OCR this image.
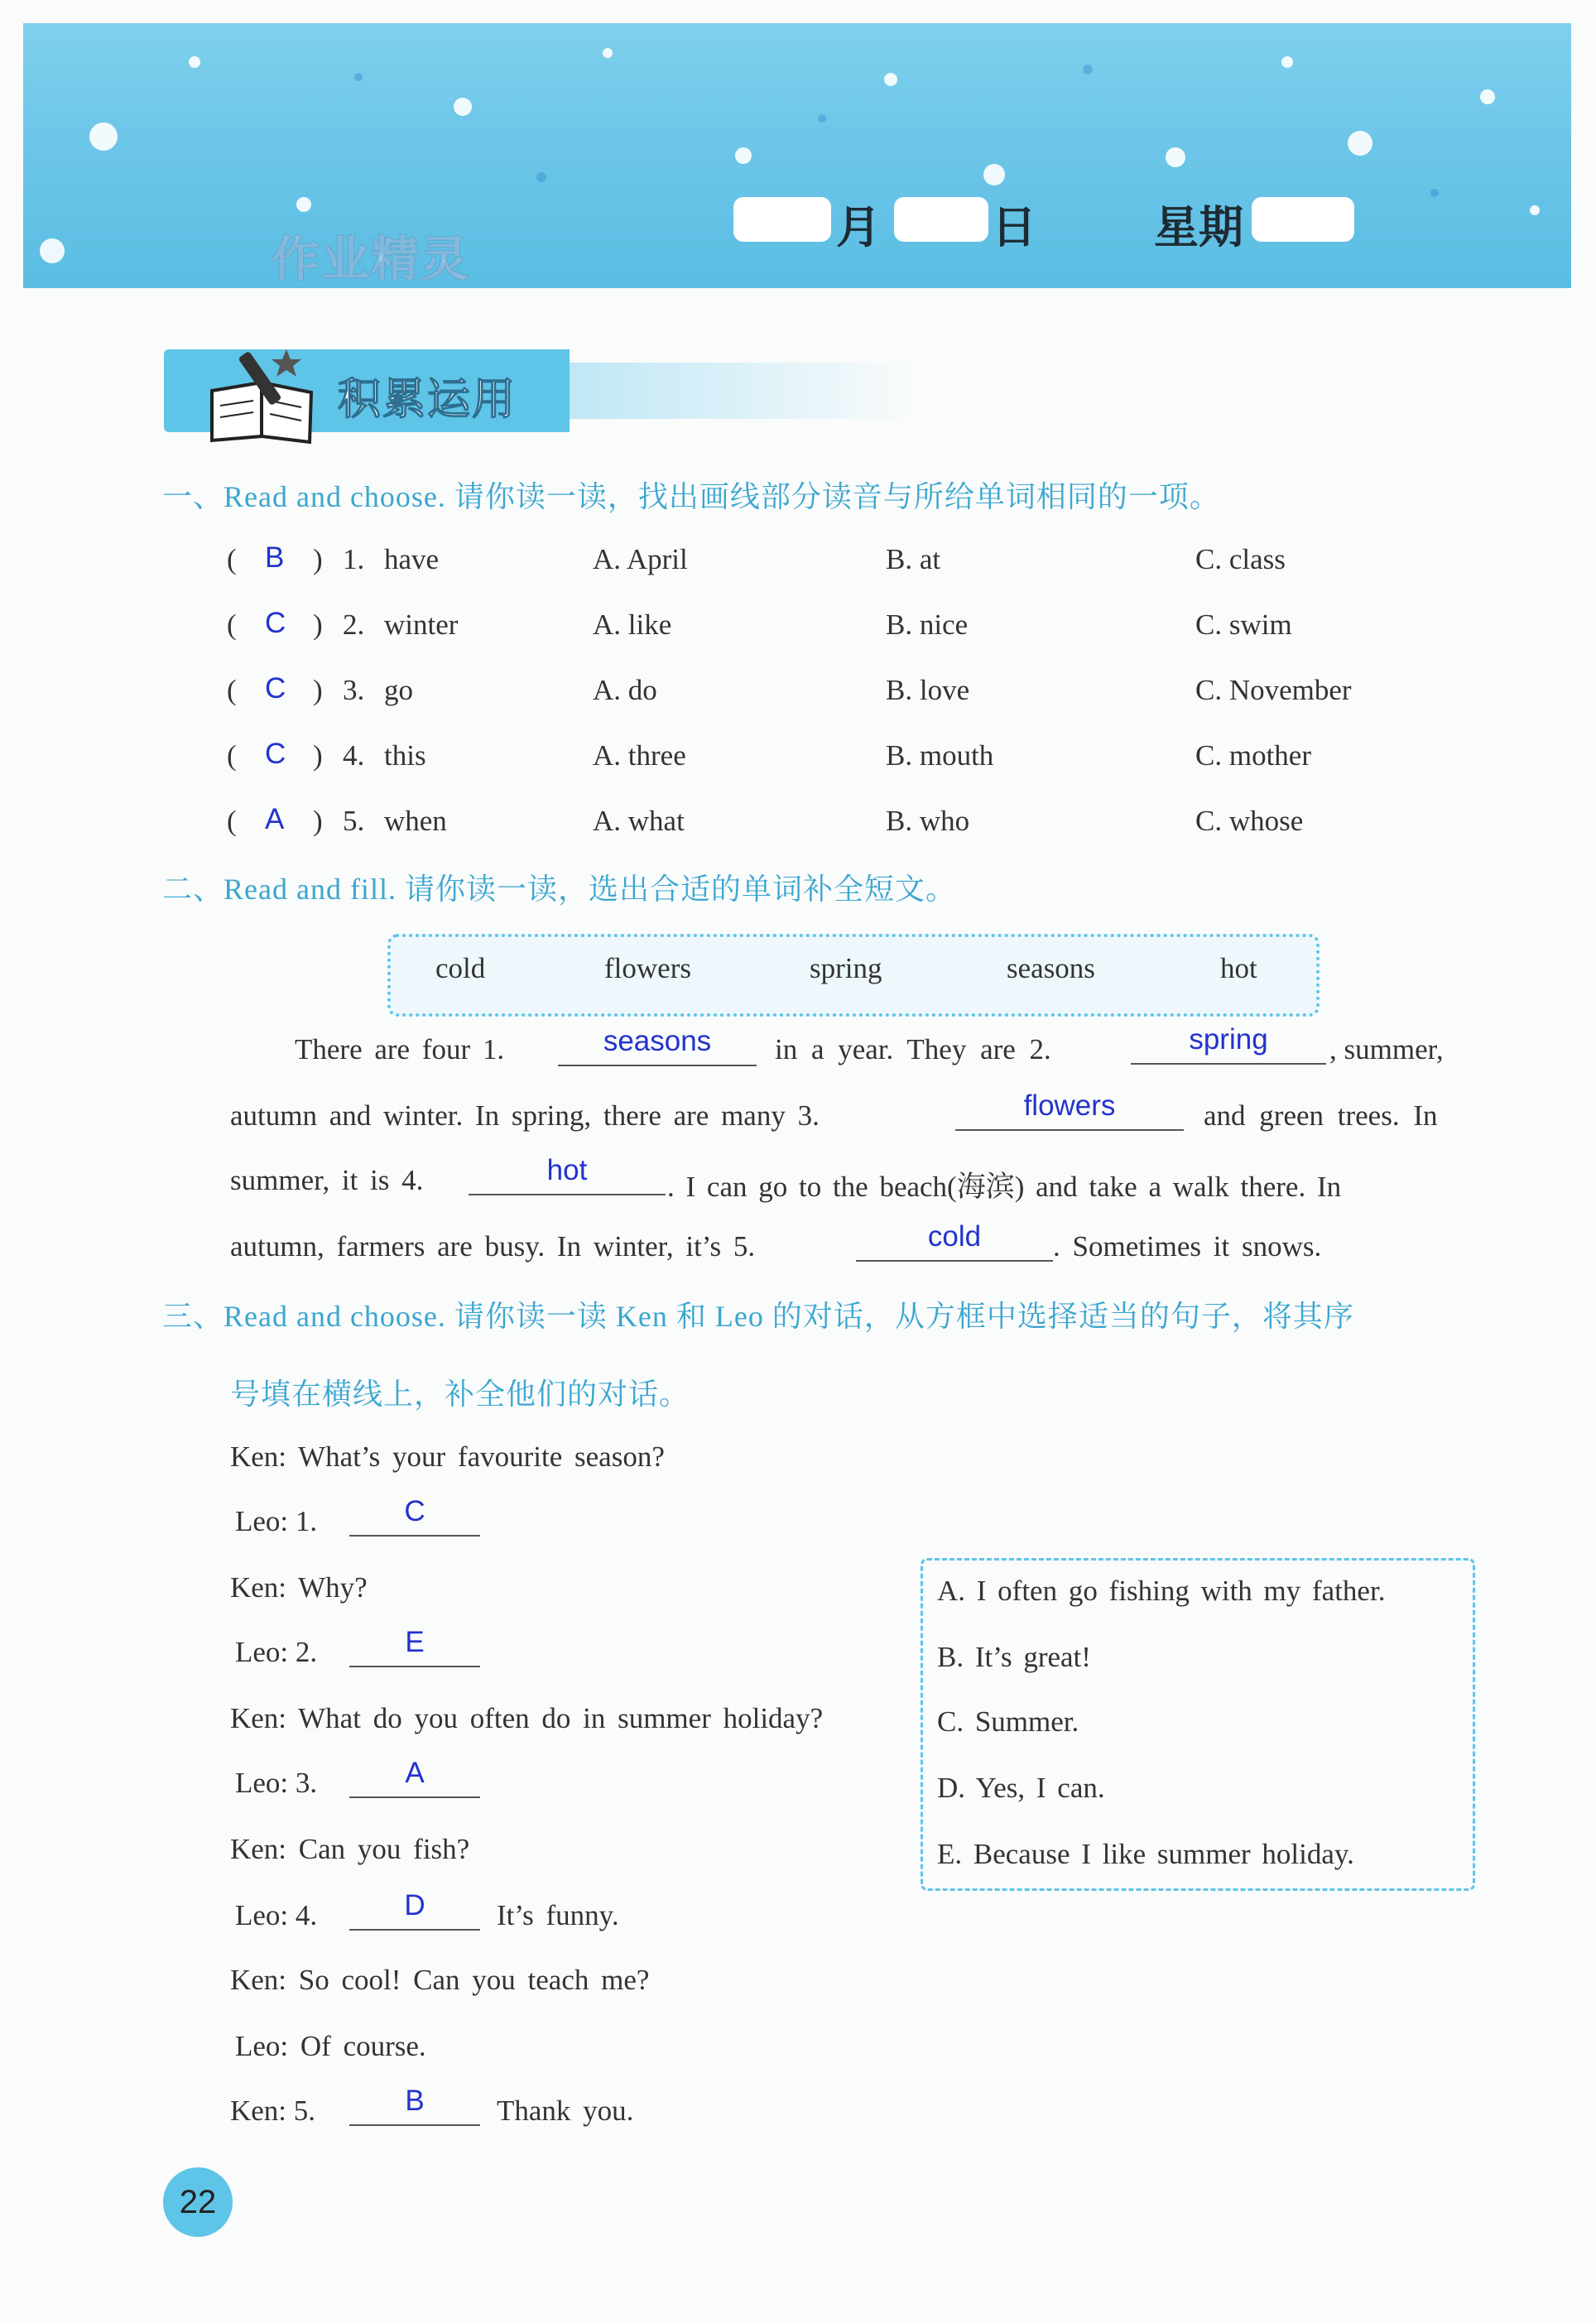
作业精灵
月 日	星期
积累运用
一、Read and choose. 请你读一读，找出画线部分读音与所给单词相同的一项。
( B ) 1. have	A. April	B. at	C. class
( C ) 2. winter	A. like	B. nice	C. swim
( C ) 3. go	A. do	B. love	C. November
( C ) 4. this	A. three	B. mouth	C. mother
( A ) 5. when	A. what	B. who	C. whose
二、Read and fill. 请你读一读，选出合适的单词补全短文。
cold	flowers	spring	seasons	hot
There are four 1.	seasons	in a year. They are 2.	spring	, summer,
autumn and winter. In spring, there are many 3.	flowers	and green trees. In
summer, it is 4.	hot
. I can go to the beach(海滨) and take a walk there. In
autumn, farmers are busy. In winter, it’s 5.	cold	. Sometimes it snows.
三、Read and choose. 请你读一读 Ken 和 Leo 的对话，从方框中选择适当的句子，将其序
号填在横线上，补全他们的对话。
Ken: What’s your favourite season?
Leo: 1.	C
Ken: Why?
Leo: 2.	E
Ken: What do you often do in summer holiday?
Leo: 3.	A
Ken: Can you fish?
Leo: 4.	D	It’s funny.
Ken: So cool! Can you teach me?
Leo: Of course.
Ken: 5.	B	Thank you.
A. I often go fishing with my father.
B. It’s great!
C. Summer.
D. Yes, I can.
E. Because I like summer holiday.
22
